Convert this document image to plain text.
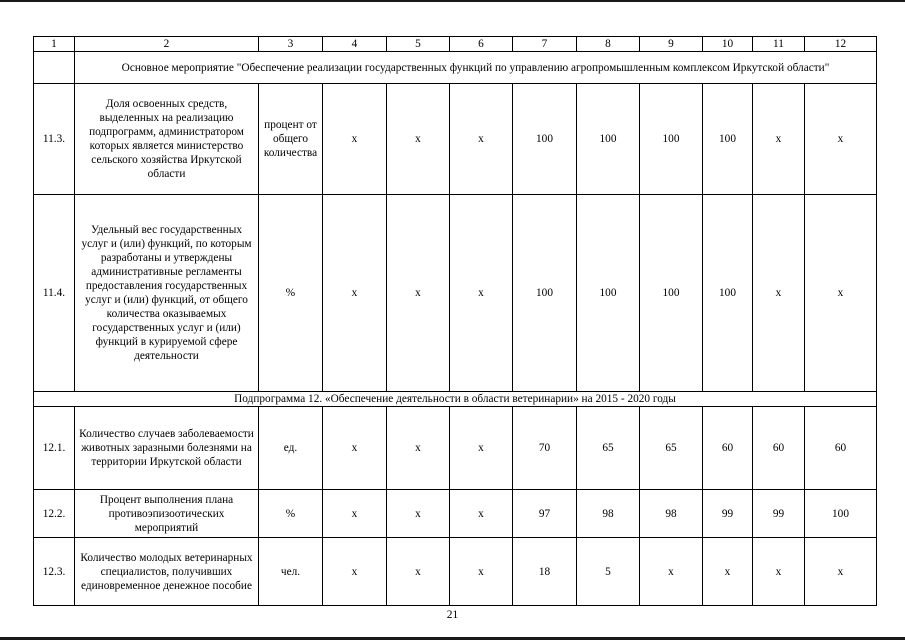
1	2	3	4	5	6	7	8	9	10	11	12
	Основное мероприятие "Обеспечение реализации государственных функций по управлению агропромышленным комплексом Иркутской области"										
11.3.	Доля освоенных средств, выделенных на реализацию подпрограмм, администратором которых является министерство сельского хозяйства Иркутской области	процент от общего количества	x	x	x	100	100	100	100	x	x
11.4.	Удельный вес государственных услуг и (или) функций, по которым разработаны и утверждены административные регламенты предоставления государственных услуг и (или) функций, от общего количества оказываемых государственных услуг и (или) функций в курируемой сфере деятельности	%	x	x	x	100	100	100	100	x	x
Подпрограмма 12. «Обеспечение деятельности в области ветеринарии» на 2015 - 2020 годы											
12.1.	Количество случаев заболеваемости животных заразными болезнями на территории Иркутской области	ед.	x	x	x	70	65	65	60	60	60
12.2.	Процент выполнения плана противоэпизоотических мероприятий	%	x	x	x	97	98	98	99	99	100
12.3.	Количество молодых ветеринарных специалистов, получивших единовременное денежное пособие	чел.	x	x	x	18	5	x	x	x	x
21
